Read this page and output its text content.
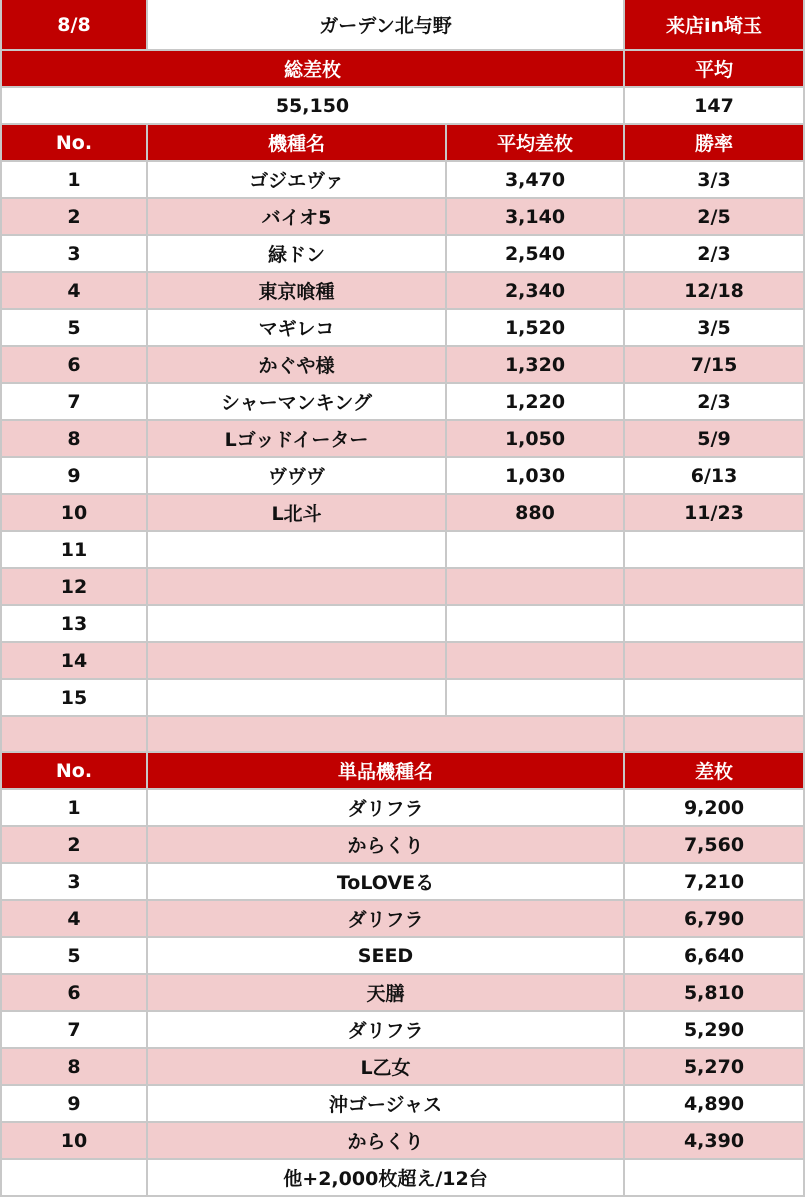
8/8	ガーデン北与野	来店in埼玉
総差枚	平均
55,150	147
No.	機種名	平均差枚	勝率
1	ゴジエヴァ	3,470	3/3
2	バイオ5	3,140	2/5
3	緑ドン	2,540	2/3
4	東京喰種	2,340	12/18
5	マギレコ	1,520	3/5
6	かぐや様	1,320	7/15
7	シャーマンキング	1,220	2/3
8	Lゴッドイーター	1,050	5/9
9	ヴヴヴ	1,030	6/13
10	L北斗	880	11/23
11
12
13
14
15
No.	単品機種名	差枚
1	ダリフラ	9,200
2	からくり	7,560
3	ToLOVEる	7,210
4	ダリフラ	6,790
5	SEED	6,640
6	天膳	5,810
7	ダリフラ	5,290
8	L乙女	5,270
9	沖ゴージャス	4,890
10	からくり	4,390
他+2,000枚超え/12台
